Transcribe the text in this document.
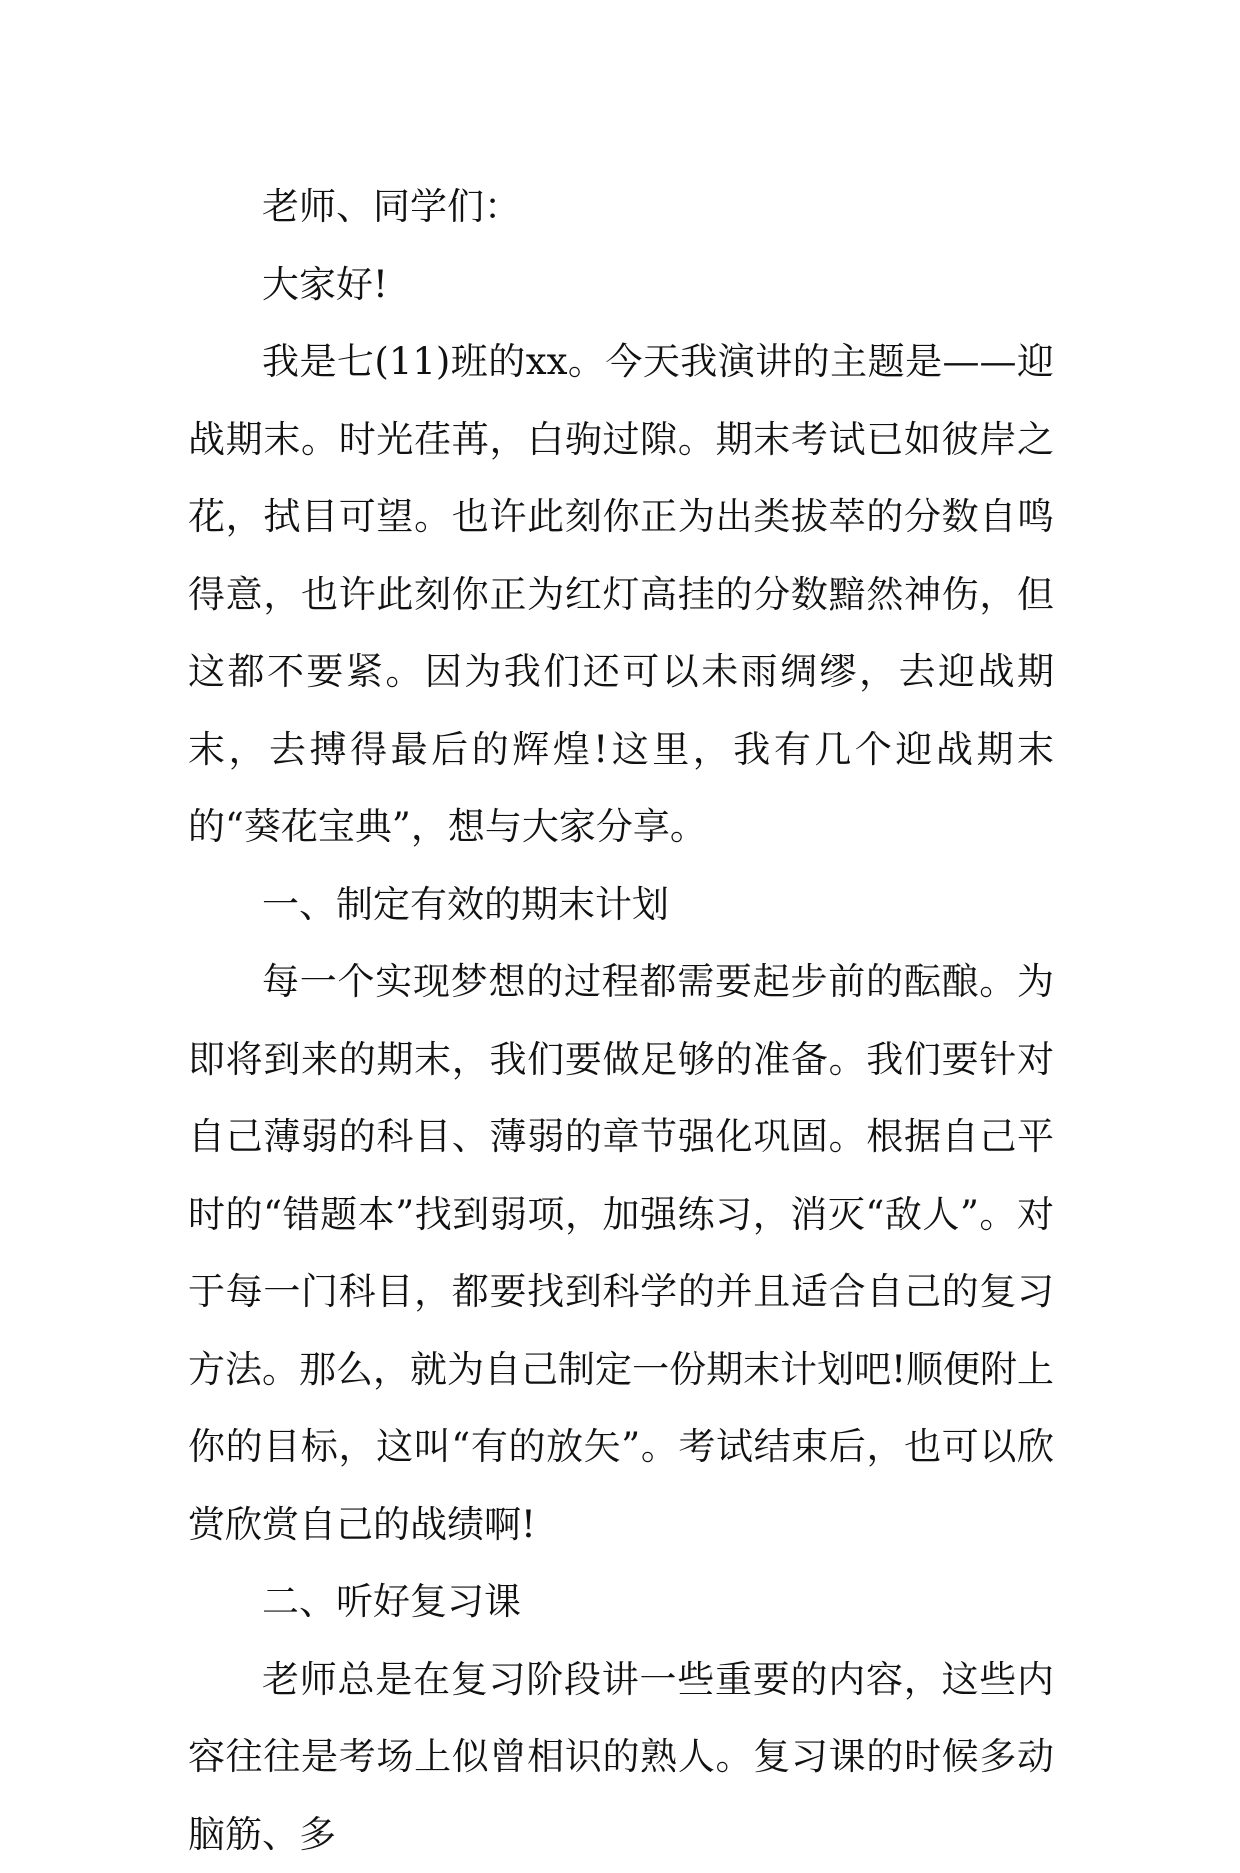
老师、同学们：

大家好!

我是七(11)班的xx。今天我演讲的主题是——迎战期末。时光荏苒，白驹过隙。期末考试已如彼岸之花，拭目可望。也许此刻你正为出类拔萃的分数自鸣得意，也许此刻你正为红灯高挂的分数黯然神伤，但这都不要紧。因为我们还可以未雨绸缪，去迎战期末，去搏得最后的辉煌!这里，我有几个迎战期末的“葵花宝典”，想与大家分享。

一、制定有效的期末计划

每一个实现梦想的过程都需要起步前的酝酿。为即将到来的期末，我们要做足够的准备。我们要针对自己薄弱的科目、薄弱的章节强化巩固。根据自己平时的“错题本”找到弱项，加强练习，消灭“敌人”。对于每一门科目，都要找到科学的并且适合自己的复习方法。那么，就为自己制定一份期末计划吧!顺便附上你的目标，这叫“有的放矢”。考试结束后，也可以欣赏欣赏自己的战绩啊!

二、听好复习课

老师总是在复习阶段讲一些重要的内容，这些内容往往是考场上似曾相识的熟人。复习课的时候多动脑筋、多
